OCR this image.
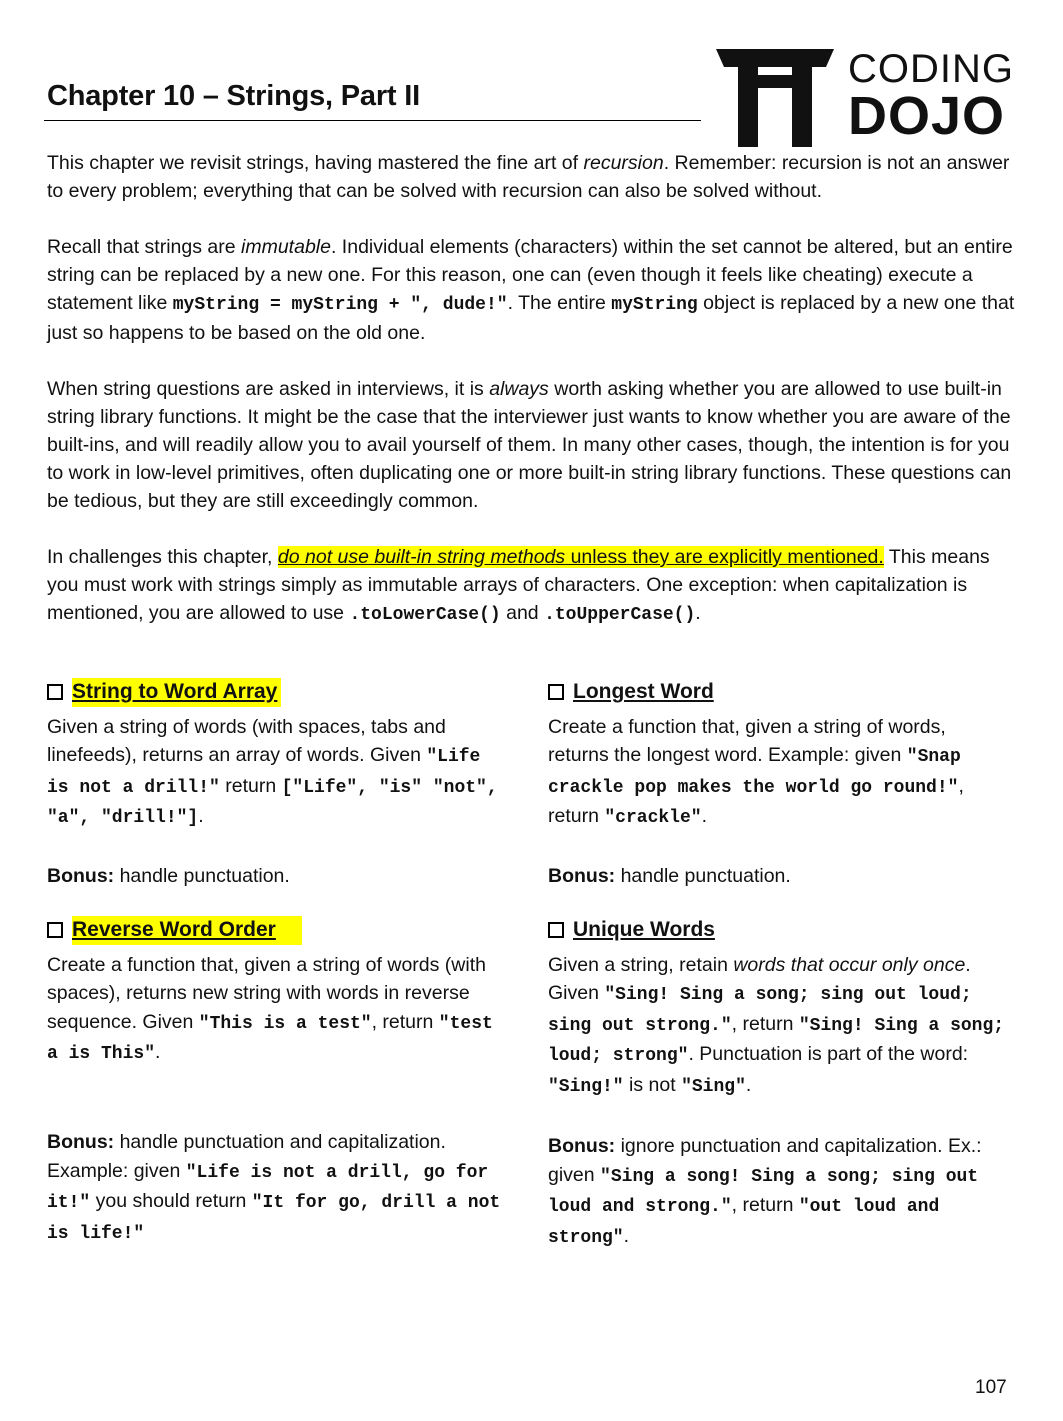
Chapter 10 – Strings, Part II
CODING
DOJO

This chapter we revisit strings, having mastered the fine art of recursion. Remember: recursion is not an answer to every problem; everything that can be solved with recursion can also be solved without.

Recall that strings are immutable. Individual elements (characters) within the set cannot be altered, but an entire string can be replaced by a new one. For this reason, one can (even though it feels like cheating) execute a statement like myString = myString + ", dude!". The entire myString object is replaced by a new one that just so happens to be based on the old one.

When string questions are asked in interviews, it is always worth asking whether you are allowed to use built-in string library functions. It might be the case that the interviewer just wants to know whether you are aware of the built-ins, and will readily allow you to avail yourself of them. In many other cases, though, the intention is for you to work in low-level primitives, often duplicating one or more built-in string library functions. These questions can be tedious, but they are still exceedingly common.

In challenges this chapter, do not use built-in string methods unless they are explicitly mentioned. This means you must work with strings simply as immutable arrays of characters. One exception: when capitalization is mentioned, you are allowed to use .toLowerCase() and .toUpperCase().

String to Word Array

Given a string of words (with spaces, tabs and linefeeds), returns an array of words. Given "Life is not a drill!" return ["Life", "is" "not", "a", "drill!"].

Bonus: handle punctuation.

Longest Word

Create a function that, given a string of words, returns the longest word. Example: given "Snap crackle pop makes the world go round!", return "crackle".

Bonus: handle punctuation.

Reverse Word Order

Create a function that, given a string of words (with spaces), returns new string with words in reverse sequence. Given "This is a test", return "test a is This".

Bonus: handle punctuation and capitalization. Example: given "Life is not a drill, go for it!" you should return "It for go, drill a not is life!"

Unique Words

Given a string, retain words that occur only once. Given "Sing! Sing a song; sing out loud; sing out strong.", return "Sing! Sing a song; loud; strong". Punctuation is part of the word: "Sing!" is not "Sing".

Bonus: ignore punctuation and capitalization. Ex.: given "Sing a song! Sing a song; sing out loud and strong.", return "out loud and strong".

107
